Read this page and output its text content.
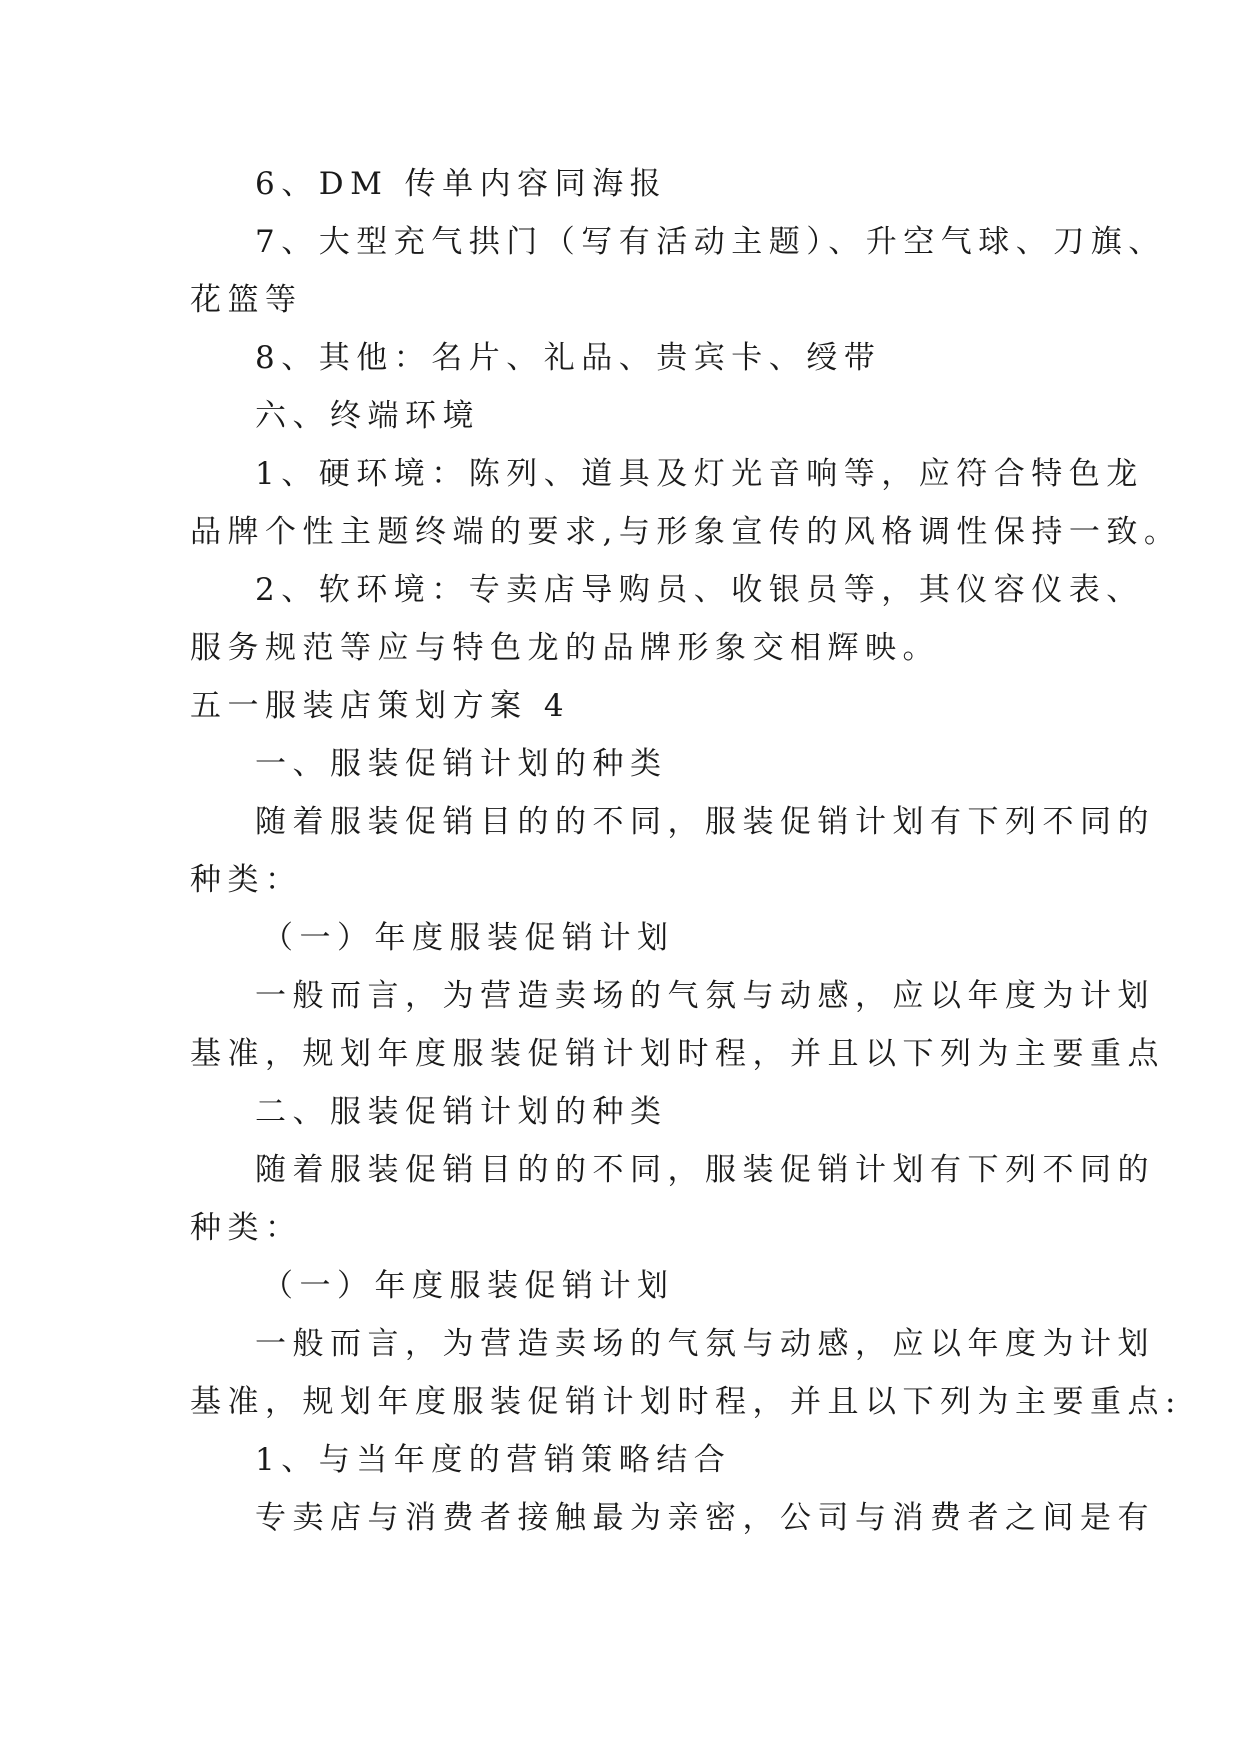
6、DM 传单内容同海报
7、大型充气拱门（写有活动主题）、升空气球、刀旗、
花篮等
8、其他：名片、礼品、贵宾卡、绶带
六、终端环境
1、硬环境：陈列、道具及灯光音响等，应符合特色龙
品牌个性主题终端的要求,与形象宣传的风格调性保持一致。
2、软环境：专卖店导购员、收银员等，其仪容仪表、
服务规范等应与特色龙的品牌形象交相辉映。
五一服装店策划方案 4
一、服装促销计划的种类
随着服装促销目的的不同，服装促销计划有下列不同的
种类：
（一）年度服装促销计划
一般而言，为营造卖场的气氛与动感，应以年度为计划
基准，规划年度服装促销计划时程，并且以下列为主要重点
二、服装促销计划的种类
随着服装促销目的的不同，服装促销计划有下列不同的
种类：
（一）年度服装促销计划
一般而言，为营造卖场的气氛与动感，应以年度为计划
基准，规划年度服装促销计划时程，并且以下列为主要重点:
1、与当年度的营销策略结合
专卖店与消费者接触最为亲密，公司与消费者之间是有
